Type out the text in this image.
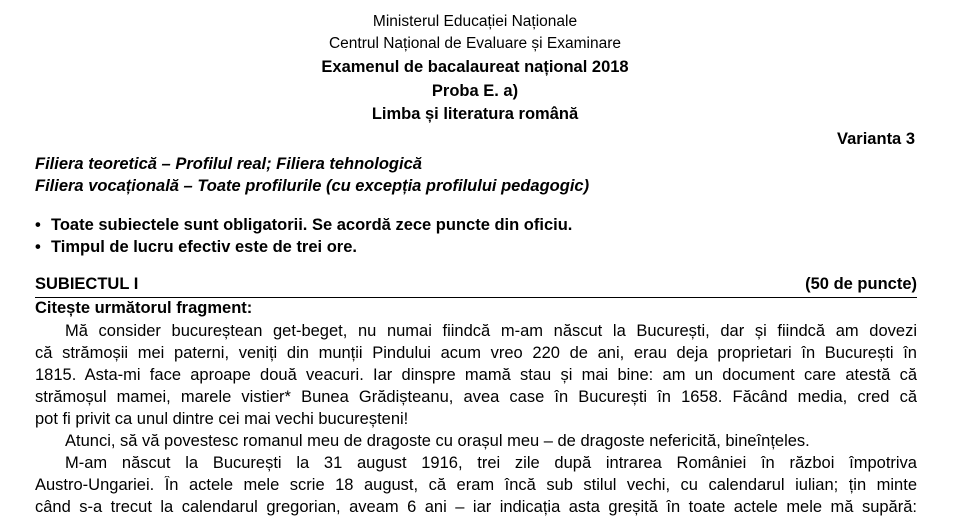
Ministerul Educației Naționale
Centrul Național de Evaluare și Examinare
Examenul de bacalaureat național 2018
Proba E. a)
Limba și literatura română
Varianta 3
Filiera teoretică – Profilul real; Filiera tehnologică
Filiera vocațională – Toate profilurile (cu excepția profilului pedagogic)
• Toate subiectele sunt obligatorii. Se acordă zece puncte din oficiu.
• Timpul de lucru efectiv este de trei ore.
SUBIECTUL I	(50 de puncte)
Citește următorul fragment:
Mă consider bucureștean get-beget, nu numai fiindcă m-am născut la București, dar și fiindcă am dovezi
că strămoșii mei paterni, veniți din munții Pindului acum vreo 220 de ani, erau deja proprietari în București în
1815. Asta-mi face aproape două veacuri. Iar dinspre mamă stau și mai bine: am un document care atestă că
strămoșul mamei, marele vistier* Bunea Grădișteanu, avea case în București în 1658. Făcând media, cred că
pot fi privit ca unul dintre cei mai vechi bucureșteni!
Atunci, să vă povestesc romanul meu de dragoste cu orașul meu – de dragoste nefericită, bineînțeles.
M-am născut la București la 31 august 1916, trei zile după intrarea României în război împotriva
Austro-Ungariei. În actele mele scrie 18 august, că eram încă sub stilul vechi, cu calendarul iulian; țin minte
când s-a trecut la calendarul gregorian, aveam 6 ani – iar indicația asta greșită în toate actele mele mă supără:
